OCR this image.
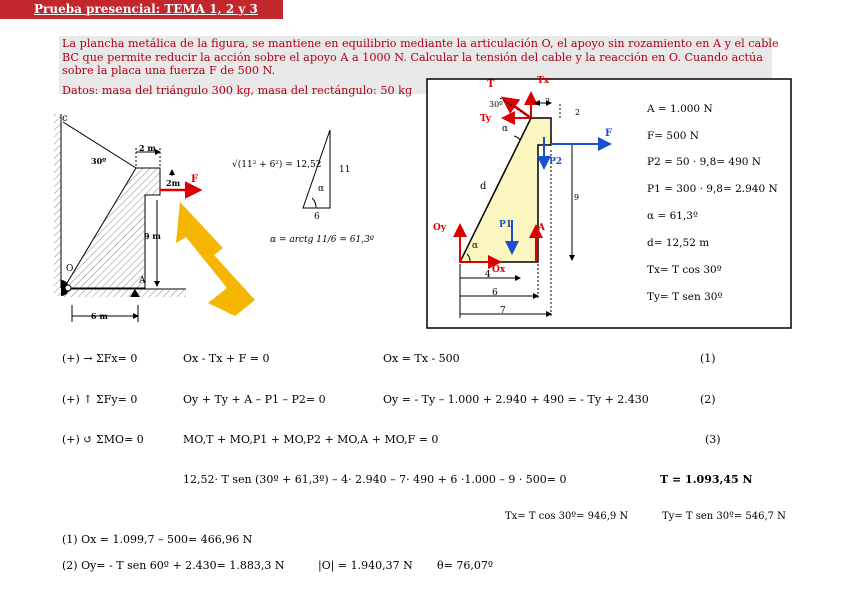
Prueba presencial: TEMA 1, 2 y 3
La plancha metálica de la figura, se mantiene en equilibrio mediante la articulación O, el apoyo sin rozamiento en A y el cable BC que permite reducir la acción sobre el apoyo A a 1000 N. Calcular la tensión del cable y la reacción en O. Cuando actúa sobre la placa una fuerza F de 500 N.
Datos: masa del triángulo 300 kg, masa del rectángulo: 50 kg
c
30º
2 m
2m F
9 m
O
A
6 m
√(11² + 6²) = 12,52 11
α
6
α = arctg 11/6 = 61,3º
T	Tx
Ty
30º
α
2
2
F
P2
d
Oy
Ox
P1	A
α
9
4
6
7
A = 1.000 N
F= 500 N
P2 = 50 · 9,8= 490 N
P1 = 300 · 9,8= 2.940 N
α = 61,3º
d= 12,52 m
Tx= T cos 30º
Ty= T sen 30º
(+) → ΣFx= 0	Ox - Tx + F = 0	Ox = Tx - 500	(1)
(+) ↑ ΣFy= 0	Oy + Ty + A – P1 – P2= 0	Oy = - Ty – 1.000 + 2.940 + 490 = - Ty + 2.430	(2)
(+) ↺ ΣMO= 0	MO,T + MO,P1 + MO,P2 + MO,A + MO,F = 0	(3)
12,52· T sen (30º + 61,3º) – 4· 2.940 – 7· 490 + 6 ·1.000 – 9 · 500= 0	T = 1.093,45 N
Tx= T cos 30º= 946,9 N	Ty= T sen 30º= 546,7 N
(1) Ox = 1.099,7 – 500= 466,96 N
(2) Oy= - T sen 60º + 2.430= 1.883,3 N	|O| = 1.940,37 N θ= 76,07º
